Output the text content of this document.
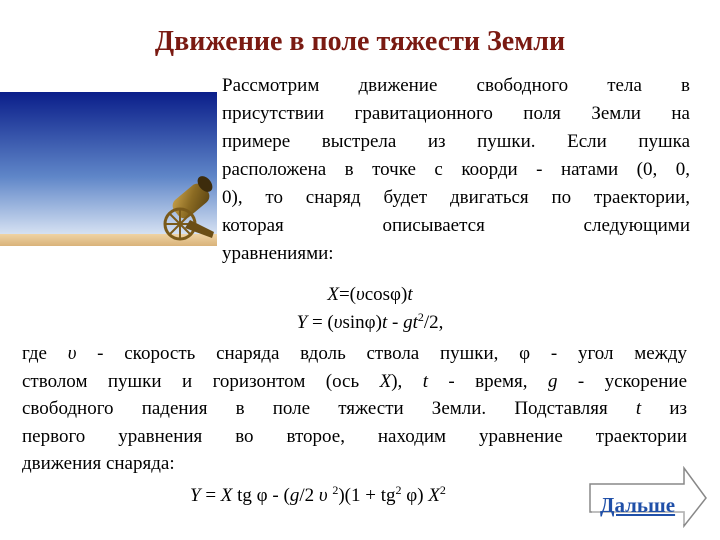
Движение в поле тяжести Земли
Рассмотрим движение свободного тела в
присутствии гравитационного поля Земли на
примере выстрела из пушки. Если пушка
расположена в точке с коорди - натами (0, 0,
0), то снаряд будет двигаться по траектории,
которая описывается следующими
уравнениями:
X=(υcosφ)t
$Y = (\upsilon\sin\varphi)t - gt^2/2$,
где υ - скорость снаряда вдоль ствола пушки, φ - угол между
стволом пушки и горизонтом (ось X), t - время, g - ускорение
свободного падения в поле тяжести Земли. Подставляя t из
первого уравнения во второе, находим уравнение траектории
движения снаряда:
Y = X tg φ - (g/2 υ $^2)(1 + tg^2$ φ) $X^2$
Дальше
